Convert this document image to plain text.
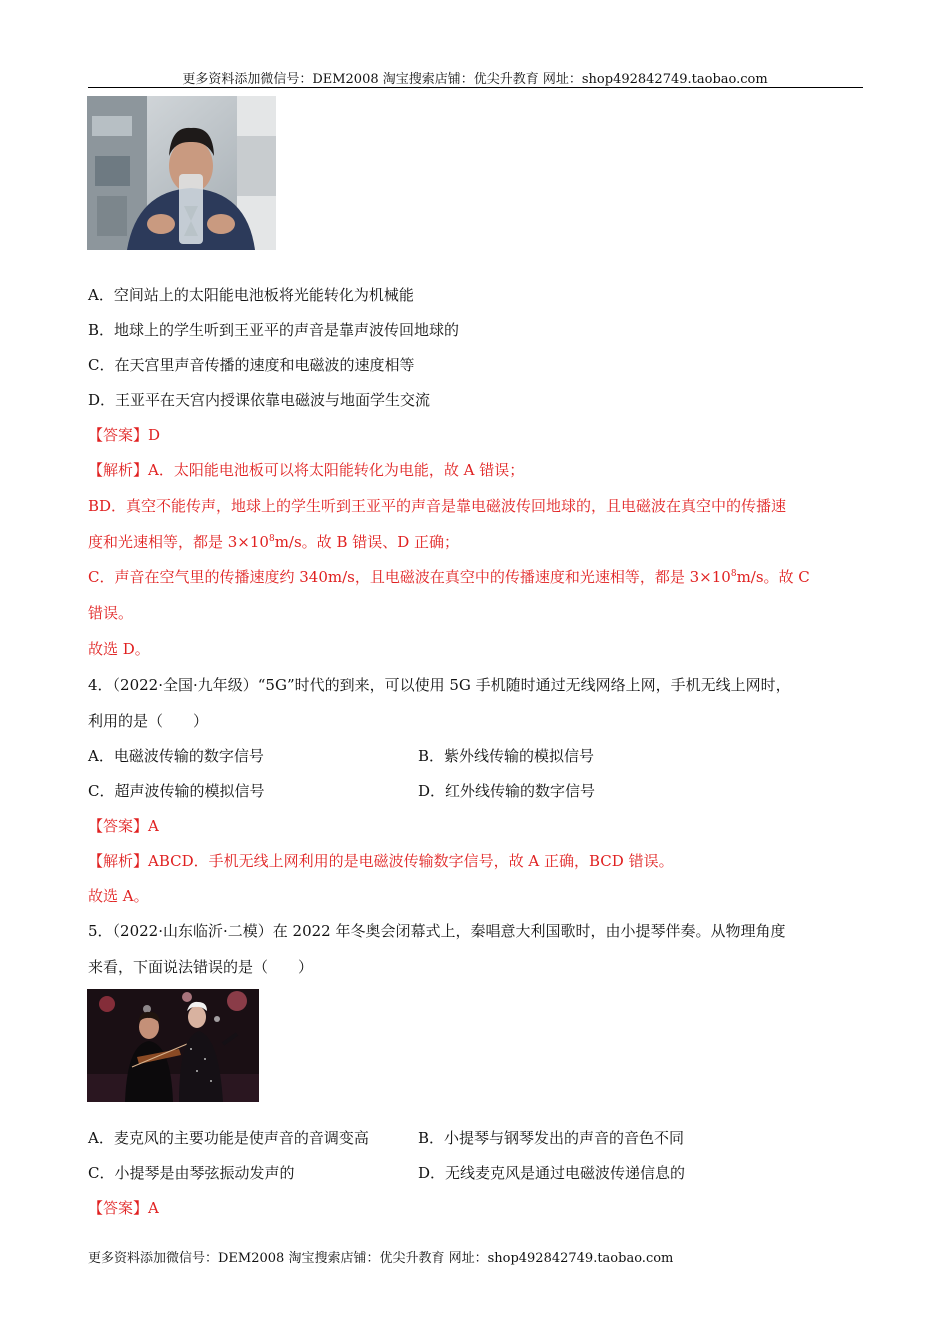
更多资料添加微信号：DEM2008 淘宝搜索店铺：优尖升教育 网址：shop492842749.taobao.com
A．空间站上的太阳能电池板将光能转化为机械能
B．地球上的学生听到王亚平的声音是靠声波传回地球的
C．在天宫里声音传播的速度和电磁波的速度相等
D．王亚平在天宫内授课依靠电磁波与地面学生交流
【答案】D
【解析】A．太阳能电池板可以将太阳能转化为电能，故 A 错误；
BD．真空不能传声，地球上的学生听到王亚平的声音是靠电磁波传回地球的，且电磁波在真空中的传播速
度和光速相等，都是 $3\times 10^8m/s$。故 B 错误、D 正确；
C．声音在空气里的传播速度约 340m/s，且电磁波在真空中的传播速度和光速相等，都是 $3\times 10^8m/s$。故 C
错误。
故选 D。
4．（2022·全国·九年级）“5G”时代的到来，可以使用 5G 手机随时通过无线网络上网，手机无线上网时，
利用的是（　　）
A．电磁波传输的数字信号	B．紫外线传输的模拟信号
C．超声波传输的模拟信号	D．红外线传输的数字信号
【答案】A
【解析】ABCD．手机无线上网利用的是电磁波传输数字信号，故 A 正确，BCD 错误。
故选 A。
5．（2022·山东临沂·二模）在 2022 年冬奥会闭幕式上，秦唱意大利国歌时，由小提琴伴奏。从物理角度
来看，下面说法错误的是（　　）
A．麦克风的主要功能是使声音的音调变高	B．小提琴与钢琴发出的声音的音色不同
C．小提琴是由琴弦振动发声的	D．无线麦克风是通过电磁波传递信息的
【答案】A
更多资料添加微信号：DEM2008 淘宝搜索店铺：优尖升教育 网址：shop492842749.taobao.com
